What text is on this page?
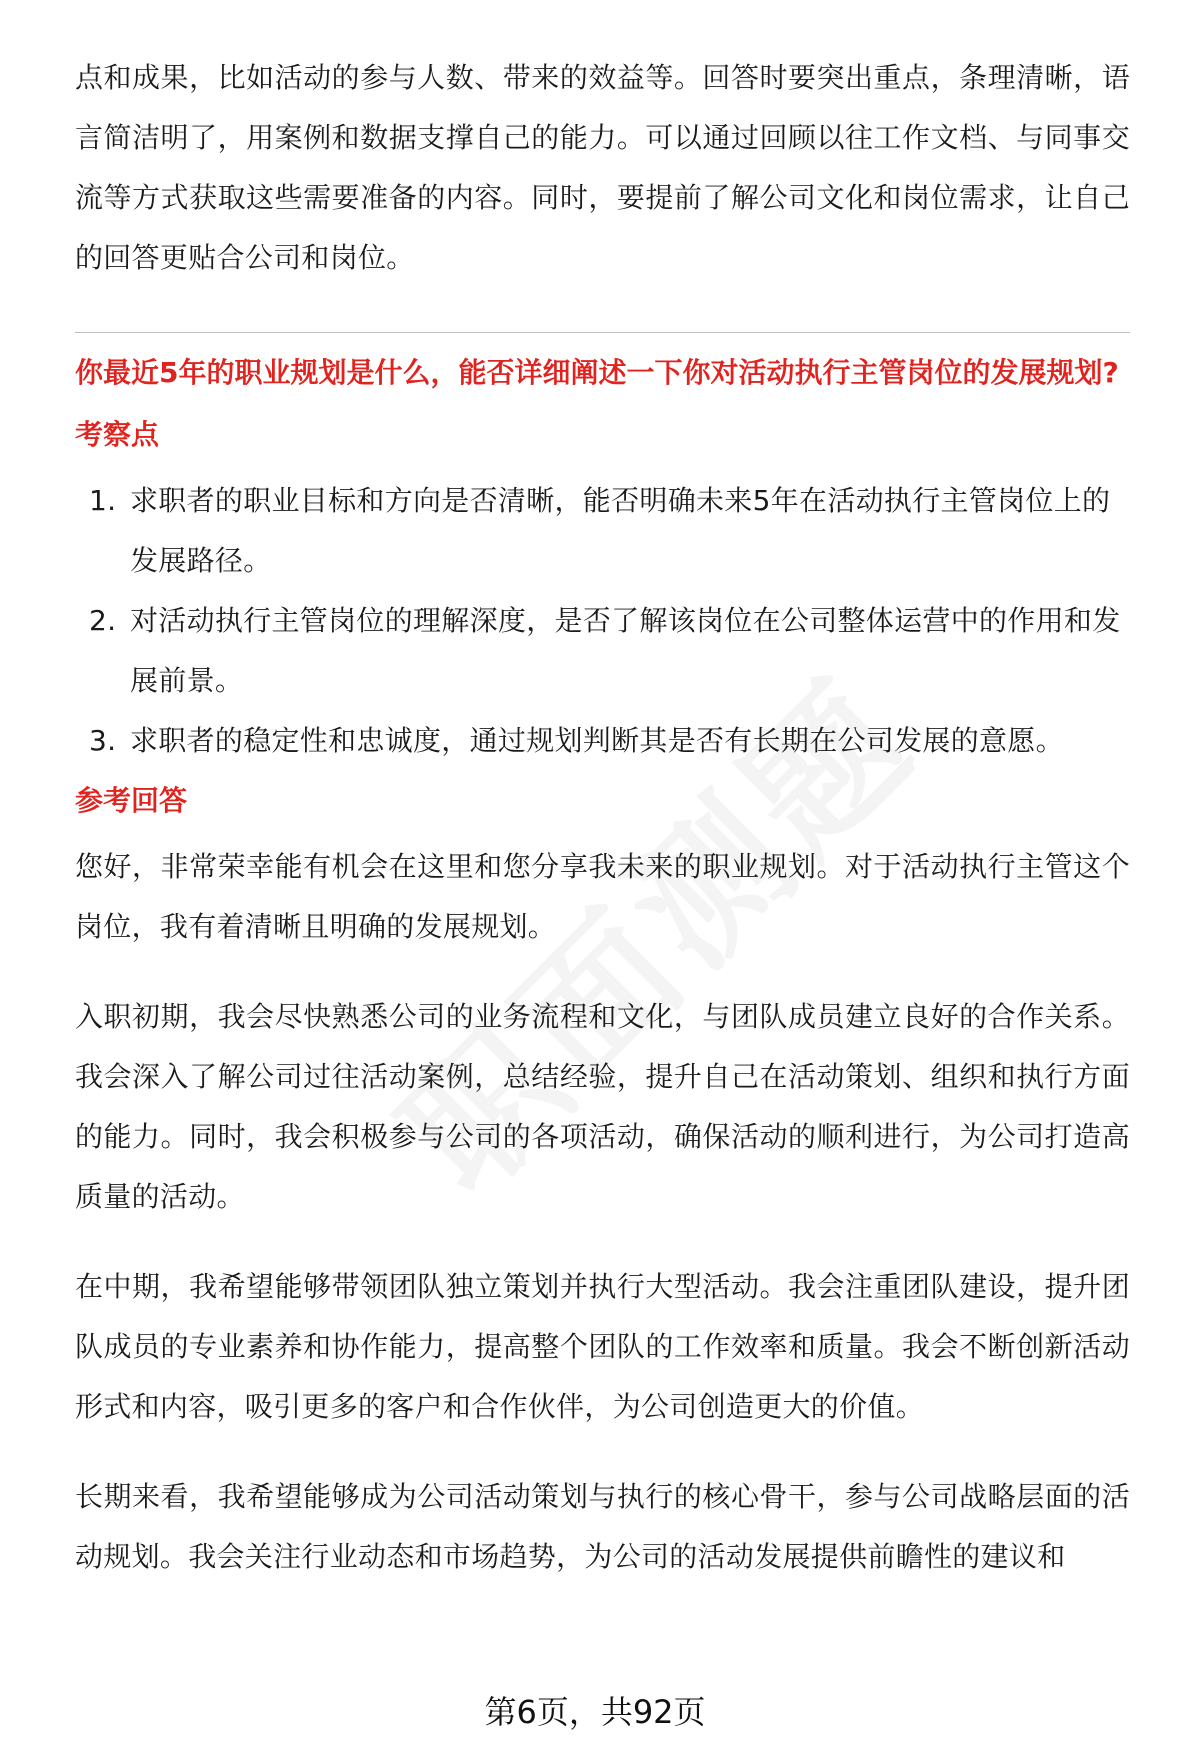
点和成果，比如活动的参与人数、带来的效益等。回答时要突出重点，条理清晰，语言简洁明了，用案例和数据支撑自己的能力。可以通过回顾以往工作文档、与同事交流等方式获取这些需要准备的内容。同时，要提前了解公司文化和岗位需求，让自己的回答更贴合公司和岗位。

你最近5年的职业规划是什么，能否详细阐述一下你对活动执行主管岗位的发展规划?
考察点
1. 求职者的职业目标和方向是否清晰，能否明确未来5年在活动执行主管岗位上的发展路径。
2. 对活动执行主管岗位的理解深度，是否了解该岗位在公司整体运营中的作用和发展前景。
3. 求职者的稳定性和忠诚度，通过规划判断其是否有长期在公司发展的意愿。
参考回答

您好，非常荣幸能有机会在这里和您分享我未来的职业规划。对于活动执行主管这个岗位，我有着清晰且明确的发展规划。

入职初期，我会尽快熟悉公司的业务流程和文化，与团队成员建立良好的合作关系。我会深入了解公司过往活动案例，总结经验，提升自己在活动策划、组织和执行方面的能力。同时，我会积极参与公司的各项活动，确保活动的顺利进行，为公司打造高质量的活动。

在中期，我希望能够带领团队独立策划并执行大型活动。我会注重团队建设，提升团队成员的专业素养和协作能力，提高整个团队的工作效率和质量。我会不断创新活动形式和内容，吸引更多的客户和合作伙伴，为公司创造更大的价值。

长期来看，我希望能够成为公司活动策划与执行的核心骨干，参与公司战略层面的活动规划。我会关注行业动态和市场趋势，为公司的活动发展提供前瞻性的建议和

第6页，共92页
